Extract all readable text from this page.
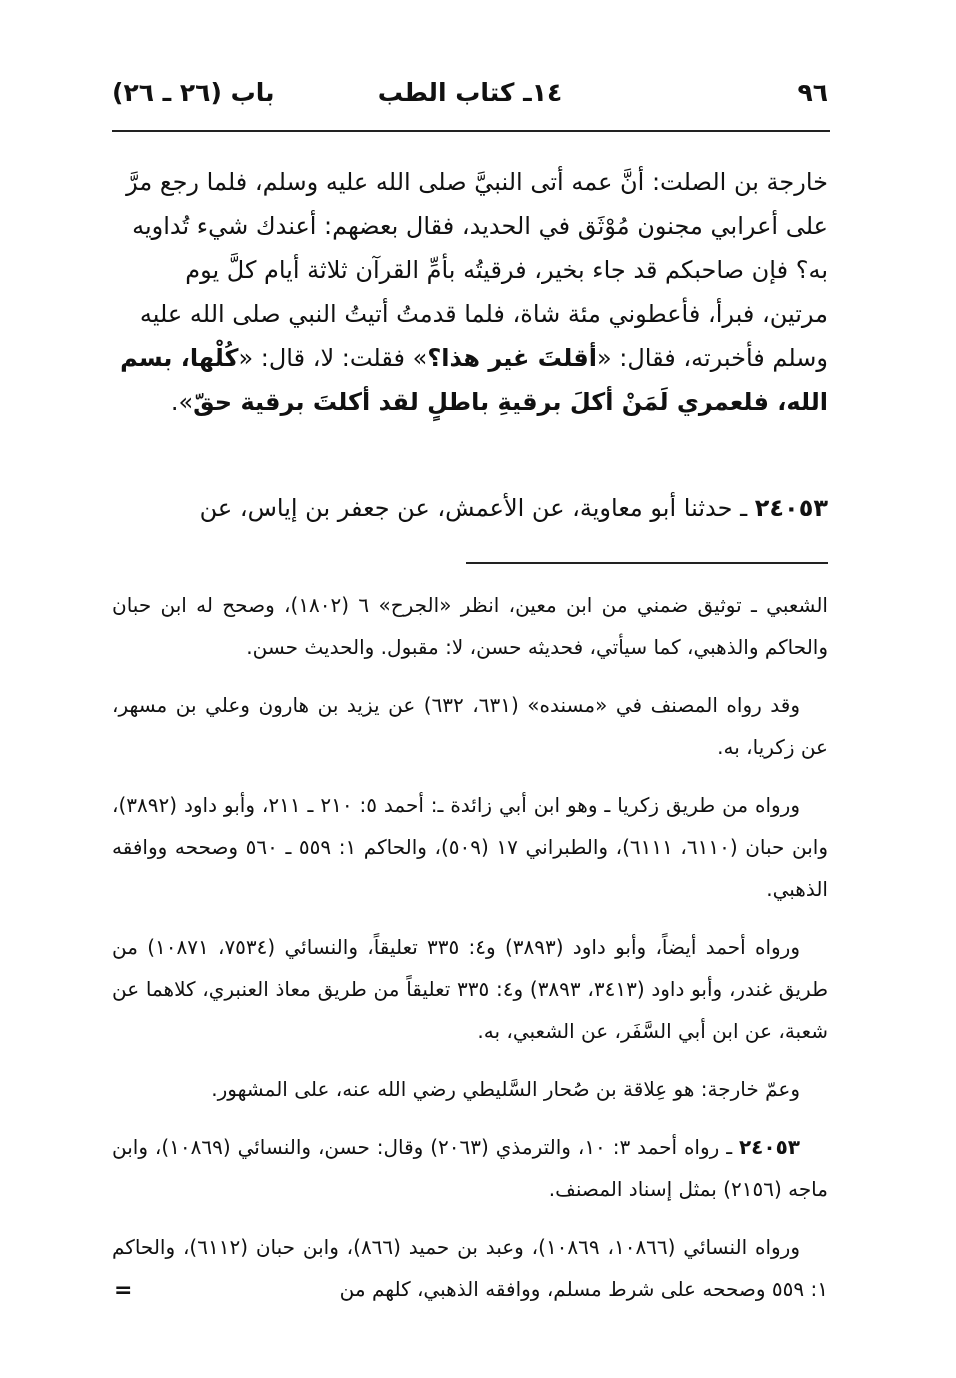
٩٦
١٤ـ كتاب الطب
باب (٢٦ ـ ٢٦)

خارجة بن الصلت: أنَّ عمه أتى النبيَّ صلى الله عليه وسلم، فلما رجع مرَّ

على أعرابي مجنون مُوْثَق في الحديد، فقال بعضهم: أعندك شيء تُداويه

به؟ فإن صاحبكم قد جاء بخير، فرقيتُه بأمِّ القرآن ثلاثة أيام كلَّ يوم

مرتين، فبرأ، فأعطوني مئة شاة، فلما قدمتُ أتيتُ النبي صلى الله عليه

وسلم فأخبرته، فقال: «أقلتَ غير هذا؟» فقلت: لا، قال: «كُلْها، بسم

الله، فلعمري لَمَنْ أكلَ برقيةِ باطلٍ لقد أكلتَ برقية حقّ».

٢٤٠٥٣ ـ حدثنا أبو معاوية، عن الأعمش، عن جعفر بن إياس، عن

الشعبي ـ توثيق ضمني من ابن معين، انظر «الجرح» ٦ (١٨٠٢)، وصحح له ابن حبان والحاكم والذهبي، كما سيأتي، فحديثه حسن، لا: مقبول. والحديث حسن.

وقد رواه المصنف في «مسنده» (٦٣١، ٦٣٢) عن يزيد بن هارون وعلي بن مسهر، عن زكريا، به.

ورواه من طريق زكريا ـ وهو ابن أبي زائدة ـ: أحمد ٥: ٢١٠ ـ ٢١١، وأبو داود (٣٨٩٢)، وابن حبان (٦١١٠، ٦١١١)، والطبراني ١٧ (٥٠٩)، والحاكم ١: ٥٥٩ ـ ٥٦٠ وصححه ووافقه الذهبي.

ورواه أحمد أيضاً، وأبو داود (٣٨٩٣) و٤: ٣٣٥ تعليقاً، والنسائي (٧٥٣٤، ١٠٨٧١) من طريق غندر، وأبو داود (٣٤١٣، ٣٨٩٣) و٤: ٣٣٥ تعليقاً من طريق معاذ العنبري، كلاهما عن شعبة، عن ابن أبي السَّفَر، عن الشعبي، به.

وعمّ خارجة: هو عِلاقة بن صُحار السَّليطي رضي الله عنه، على المشهور.

٢٤٠٥٣ ـ رواه أحمد ٣: ١٠، والترمذي (٢٠٦٣) وقال: حسن، والنسائي (١٠٨٦٩)، وابن ماجه (٢١٥٦) بمثل إسناد المصنف.

ورواه النسائي (١٠٨٦٦، ١٠٨٦٩)، وعبد بن حميد (٨٦٦)، وابن حبان (٦١١٢)، والحاكم ١: ٥٥٩ وصححه على شرط مسلم، ووافقه الذهبي، كلهم من

=
